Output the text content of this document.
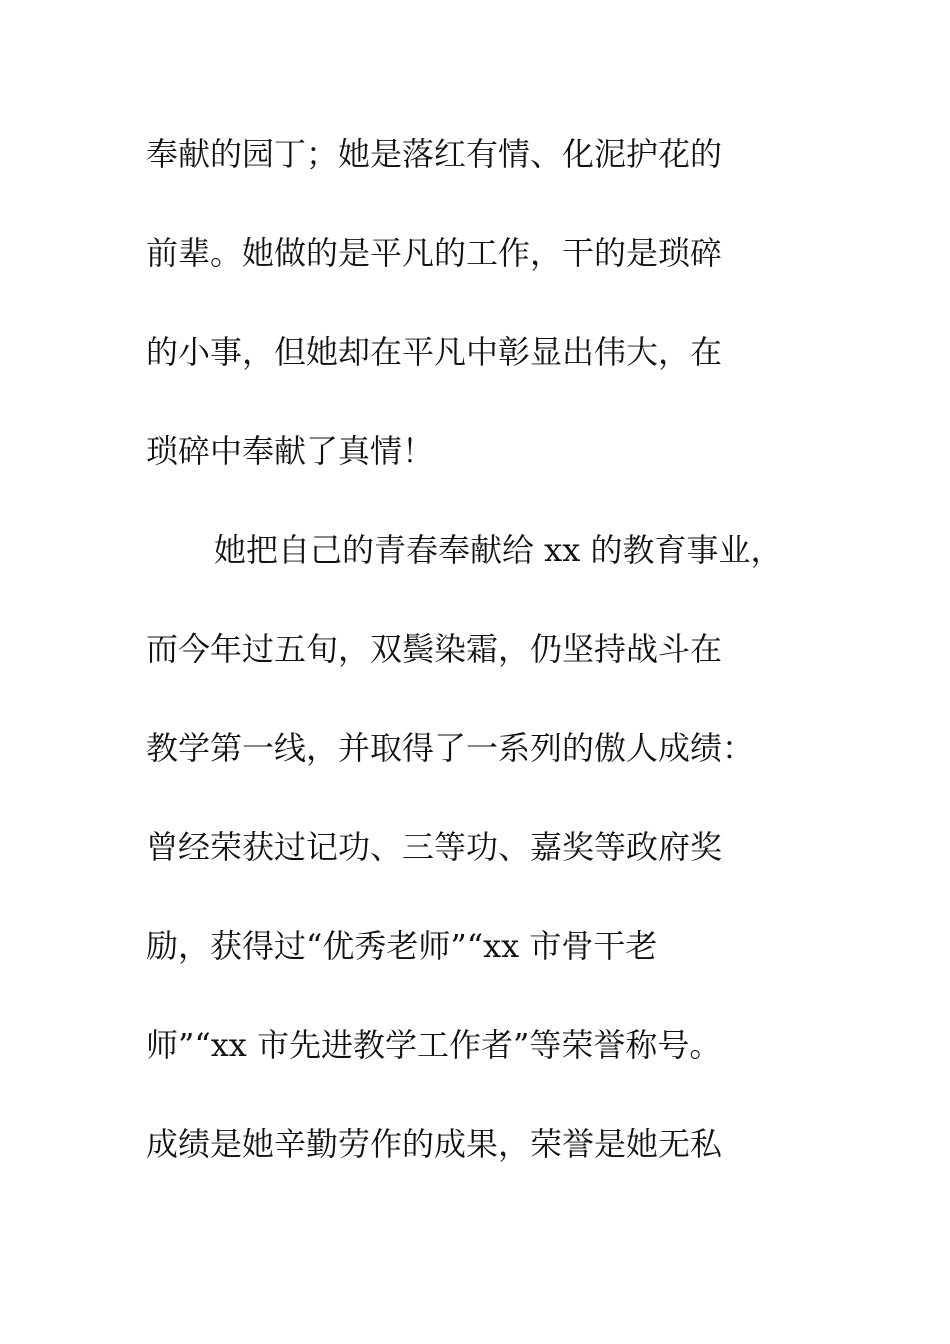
奉献的园丁；她是落红有情、化泥护花的

前辈。她做的是平凡的工作，干的是琐碎

的小事，但她却在平凡中彰显出伟大，在

琐碎中奉献了真情！

她把自己的青春奉献给 xx 的教育事业，

而今年过五旬，双鬓染霜，仍坚持战斗在

教学第一线，并取得了一系列的傲人成绩：

曾经荣获过记功、三等功、嘉奖等政府奖

励，获得过“优秀老师”“xx 市骨干老

师”“xx 市先进教学工作者”等荣誉称号。

成绩是她辛勤劳作的成果，荣誉是她无私
